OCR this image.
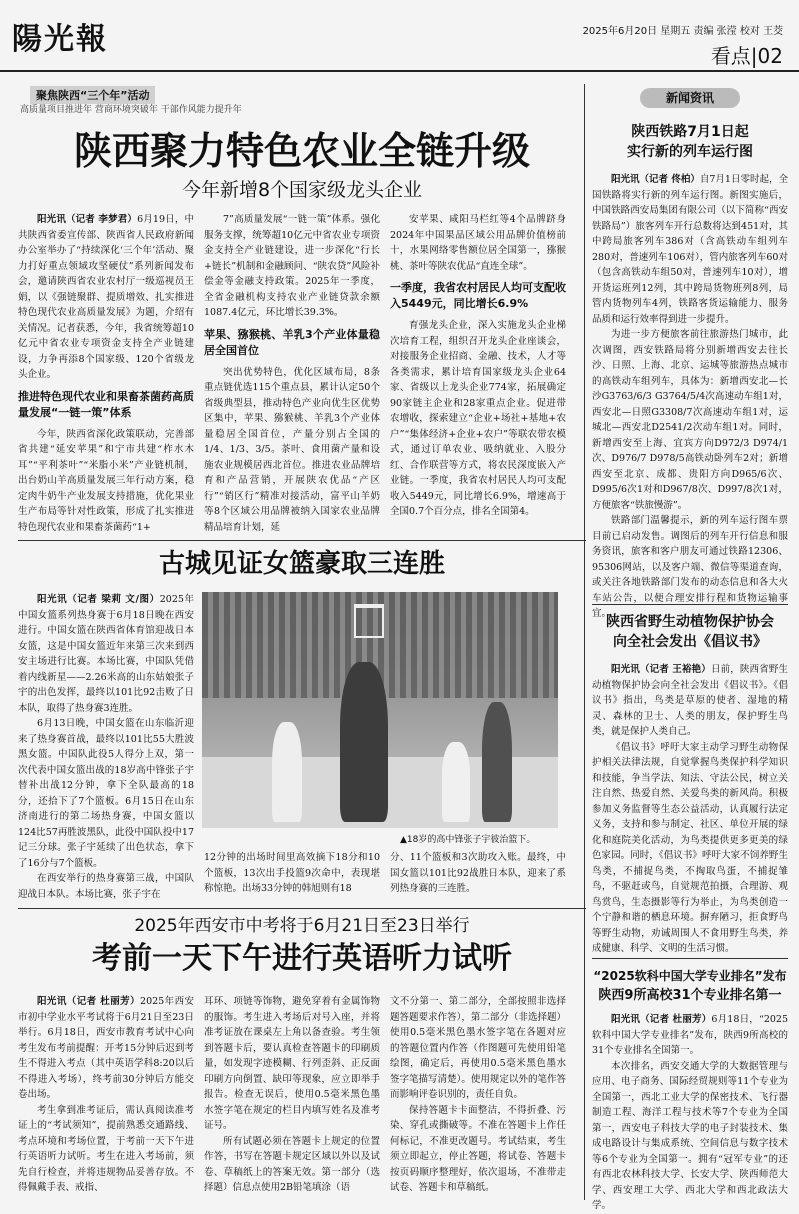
陽光報	2025年6月20日 星期五 责编 张滢 校对 王茭
看点|02
聚焦陕西“三个年”活动
高质量项目推进年 营商环境突破年 干部作风能力提升年
陕西聚力特色农业全链升级
今年新增8个国家级龙头企业

阳光讯（记者 李梦君）6月19日，中共陕西省委宣传部、陕西省人民政府新闻办公室举办了“持续深化‘三个年’活动、聚力打好重点领域攻坚硬仗”系列新闻发布会，邀请陕西省农业农村厅一级巡视员王娟，以《强链聚群、提质增效、扎实推进特色现代农业高质量发展》为题，介绍有关情况。记者获悉，今年，我省统筹超10亿元中省农业专项资金支持全产业链建设，力争再添8个国家级、120个省级龙头企业。

推进特色现代农业和果畜茶菌药高质量发展“一链一策”体系

今年，陕西省深化政策联动，完善部省共建“延安苹果”和宁市共建“柞水木耳”“平利茶叶”“米脂小米”产业链机制，出台奶山羊高质量发展三年行动方案，稳定肉牛奶牛产业发展支持措施，优化果业生产布局等针对性政策，形成了扎实推进特色现代农业和果畜茶菌药“1+

7”高质量发展“一链一策”体系。强化服务支撑，统筹超10亿元中省农业专项资金支持全产业链建设，进一步深化“行长+链长”机制和金融顾问、“陕农贷”风险补偿金等金融支持政策。2025年一季度，全省金融机构支持农业产业链贷款余额1087.4亿元，环比增长39.3%。

苹果、猕猴桃、羊乳3个产业体量稳居全国首位

突出优势特色，优化区域布局，8条重点链优选115个重点县，累计认定50个省级典型县，推动特色产业向优生区优势区集中，苹果、猕猴桃、羊乳3个产业体量稳居全国首位，产量分别占全国的1/4、1/3、3/5。茶叶、食用菌产量和设施农业规模居西北首位。推进农业品牌培育和产品营销，开展陕农优品“产区行”“销区行”精准对接活动，富平山羊奶等8个区域公用品牌被纳入国家农业品牌精品培育计划，延

安苹果、咸阳马栏红等4个品牌跻身2024年中国果品区域公用品牌价值榜前十，水果网络零售额位居全国第一，猕猴桃、茶叶等陕农优品“直连全球”。

一季度，我省农村居民人均可支配收入5449元，同比增长6.9%

育强龙头企业，深入实施龙头企业梯次培育工程，组织召开龙头企业座谈会，对接服务企业招商、金融、技术，人才等各类需求，累计培育国家级龙头企业64家、省级以上龙头企业774家，拓展确定90家链主企业和28家重点企业。促进带农增收，探索建立“企业+场社+基地+农户”“集体经济+企业+农户”等联农带农模式，通过订单农业、吸纳就业、入股分红、合作联营等方式，将农民深度嵌入产业链。一季度，我省农村居民人均可支配收入5449元，同比增长6.9%，增速高于全国0.7个百分点，排名全国第4。

古城见证女篮豪取三连胜

阳光讯（记者 梁莉 文/图）2025年中国女篮系列热身赛于6月18日晚在西安进行。中国女篮在陕西省体育馆迎战日本女篮，这是中国女篮近年来第三次来到西安主场进行比赛。本场比赛，中国队凭借着内线新星——2.26米高的山东姑娘张子宇的出色发挥，最终以101比92击败了日本队，取得了热身赛3连胜。

6月13日晚，中国女篮在山东临沂迎来了热身赛首战，最终以101比55大胜波黑女篮。中国队此役5人得分上双，第一次代表中国女篮出战的18岁高中锋张子宇替补出战12分钟，拿下全队最高的18分，还拾下了7个篮板。6月15日在山东济南进行的第二场热身赛，中国女篮以124比57再胜波黑队，此役中国队投中17记三分球。张子宇延续了出色状态，拿下了16分与7个篮板。

在西安举行的热身赛第三战，中国队迎战日本队。本场比赛，张子宇在

▲18岁的高中锋张子宇彼治篮下。

12分钟的出场时间里高效摘下18分和10个篮板，13次出手投篮9次命中，表现堪称惊艳。出场33分钟的韩旭则有18

分、11个篮板和3次助攻入账。最终，中国女篮以101比92战胜日本队，迎来了系列热身赛的三连胜。

2025年西安市中考将于6月21日至23日举行
考前一天下午进行英语听力试听

阳光讯（记者 杜丽芳）2025年西安市初中学业水平考试将于6月21日至23日举行。6月18日，西安市教育考试中心向考生发布考前提醒：开考15分钟后迟到考生不得进入考点（其中英语学科8:20以后不得进入考场），终考前30分钟后方能交卷出场。

考生拿到准考证后，需认真阅读准考证上的“考试须知”，提前熟悉交通路线、考点环境和考场位置，于考前一天下午进行英语听力试听。考生在进入考场前，须先自行检查，并将违规物品妥善存放。不得佩戴手表、戒指、

耳环、项链等饰物，避免穿着有金属饰物的服饰。考生进入考场后对号入座，并将准考证放在课桌左上角以备查验。考生领到答题卡后，要认真检查答题卡的印刷质量，如发现字迹模糊、行列歪斜、正反面印刷方向倒置、缺印等现象，应立即举手报告。检查无误后，使用0.5毫米黑色墨水签字笔在规定的栏目内填写姓名及准考证号。

所有试题必须在答题卡上规定的位置作答，书写在答题卡规定区域以外以及试卷、草稿纸上的答案无效。第一部分（选择题）信息点使用2B铅笔填涂（语

文不分第一、第二部分，全部按照非选择题答题要求作答），第二部分（非选择题）使用0.5毫米黑色墨水签字笔在各题对应的答题位置内作答（作图题可先使用铅笔绘图，确定后，再使用0.5毫米黑色墨水签字笔描写清楚）。使用规定以外的笔作答而影响评卷识别的，责任自负。

保持答题卡卡面整洁，不得折叠、污染、穿孔或撕破等。不准在答题卡上作任何标记，不准更改题号。考试结束，考生须立即起立，停止答题，将试卷、答题卡按页码顺序整理好，依次退场，不准带走试卷、答题卡和草稿纸。

新闻资讯
陕西铁路7月1日起
实行新的列车运行图

阳光讯（记者 佟柏）自7月1日零时起，全国铁路将实行新的列车运行图。新图实施后，中国铁路西安局集团有限公司（以下简称“西安铁路局”）旅客列车开行总数将达到451对，其中跨局旅客列车386对（含高铁动车组列车280对，普速列车106对），管内旅客列车60对（包含高铁动车组50对，普速列车10对），增开货运班列12列，其中跨局货物班列8列，局管内货物列车4列，铁路客货运输能力、服务品质和运行效率得到进一步提升。

为进一步方便旅客前往旅游热门城市，此次调图，西安铁路局将分别新增西安去往长沙、日照、上海、北京、运城等旅游热点城市的高铁动车组列车，具体为：新增西安北—长沙G3763/6/3 G3764/5/4次高速动车组1对，西安北—日照G3308/7次高速动车组1对，运城北—西安北D2541/2次动车组1对。同时，新增西安至上海、宜宾方向D972/3 D974/1次、D976/7 D978/5高铁动卧列车2对；新增西安至北京、成都、贵阳方向D965/6次、D995/6次1对和D967/8次、D997/8次1对，方便旅客“铁旅慢游”。

铁路部门温馨提示，新的列车运行图车票目前已启动发售。调图后的列车开行信息和服务资讯，旅客和客户朋友可通过铁路12306、95306网站，以及客户端、微信等渠道查询，或关注各地铁路部门发布的动态信息和各大火车站公告，以便合理安排行程和货物运输事宜。

陕西省野生动植物保护协会
向全社会发出《倡议书》

阳光讯（记者 王裕艳）日前，陕西省野生动植物保护协会向全社会发出《倡议书》。《倡议书》指出，鸟类是草原的使者、湿地的精灵、森林的卫士、人类的朋友，保护野生鸟类，就是保护人类自己。

《倡议书》呼吁大家主动学习野生动物保护相关法律法规，自觉掌握鸟类保护科学知识和技能，争当学法、知法、守法公民，树立关注自然、热爱自然、关爱鸟类的新风尚。积极参加义务监督等生态公益活动，认真履行法定义务，支持和参与制定、社区、单位开展的绿化和庭院美化活动，为鸟类提供更多更美的绿色家园。同时，《倡议书》呼吁大家不饲养野生鸟类，不捕捉鸟类，不掏取鸟蛋，不捕捉雏鸟，不驱赶或鸟，自觉规范拍摄，合理游、观鸟赏鸟，生态摄影等行为举止，为鸟类创造一个宁静和谐的栖息环境。摒弃陋习，拒食野鸟等野生动物，劝诫周围人不食用野生鸟类，养成健康、科学、文明的生活习惯。

“2025软科中国大学专业排名”发布
陕西9所高校31个专业排名第一

阳光讯（记者 杜丽芳）6月18日，“2025软科中国大学专业排名”发布，陕西9所高校的31个专业排名全国第一。

本次排名，西安交通大学的大数据管理与应用、电子商务、国际经贸规则等11个专业为全国第一，西北工业大学的保密技术、飞行器制造工程、海洋工程与技术等7个专业为全国第一，西安电子科技大学的电子封装技术、集成电路设计与集成系统、空间信息与数字技术等6个专业为全国第一。拥有“冠军专业”的还有西北农林科技大学、长安大学、陕西师范大学、西安理工大学、西北大学和西北政法大学。
